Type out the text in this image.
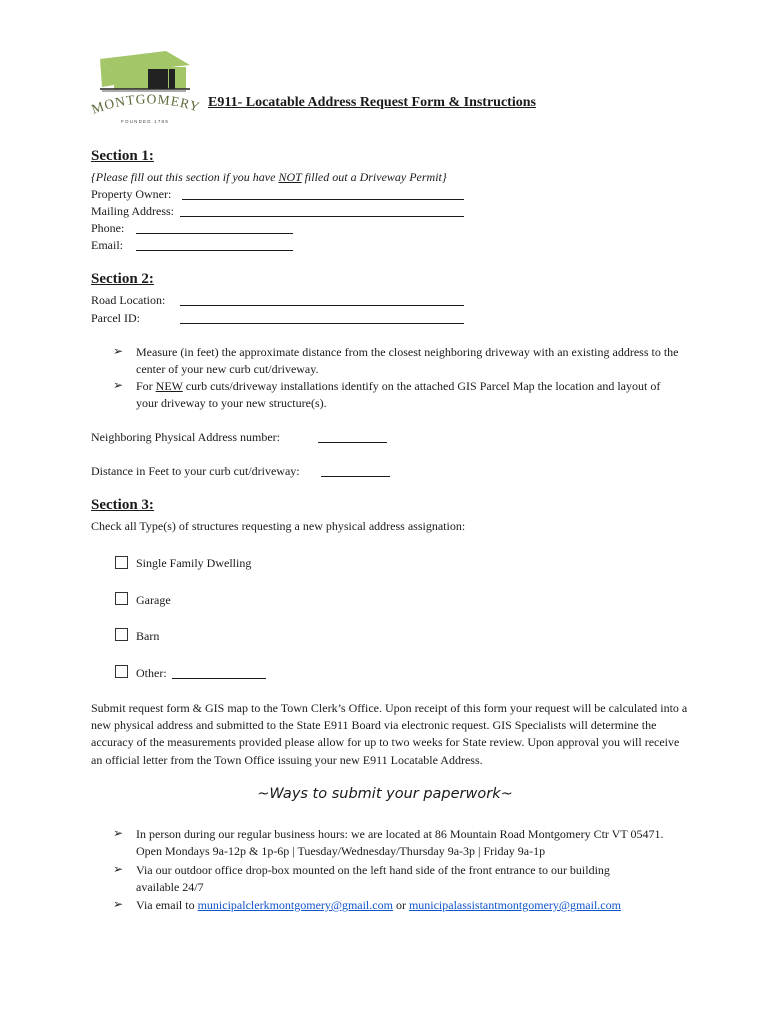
MONTGOMER
FOUNDED 1789
E911- Locatable Address Request Form & Instructions
Section 1:
{Please fill out this section if you have NOT filled out a Driveway Permit}
Property Owner:
Mailing Address:
Phone:
Email:
Section 2:
Road Location:
Parcel ID:
➢ Measure (in feet) the approximate distance from the closest neighboring driveway with an existing address to the center of your new curb cut/driveway.
➢ For NEW curb cuts/driveway installations identify on the attached GIS Parcel Map the location and layout of your driveway to your new structure(s).
Neighboring Physical Address number:
Distance in Feet to your curb cut/driveway:
Section 3:
Check all Type(s) of structures requesting a new physical address assignation:
Single Family Dwelling
Garage
Barn
Other:
Submit request form & GIS map to the Town Clerk’s Office. Upon receipt of this form your request will be calculated into a new physical address and submitted to the State E911 Board via electronic request. GIS Specialists will determine the accuracy of the measurements provided please allow for up to two weeks for State review. Upon approval you will receive an official letter from the Town Office issuing your new E911 Locatable Address.
~Ways to submit your paperwork~
➢ In person during our regular business hours: we are located at 86 Mountain Road Montgomery Ctr VT 05471. Open Mondays 9a-12p & 1p-6p | Tuesday/Wednesday/Thursday 9a-3p | Friday 9a-1p
➢ Via our outdoor office drop-box mounted on the left hand side of the front entrance to our building available 24/7
➢ Via email to municipalclerkmontgomery@gmail.com or municipalassistantmontgomery@gmail.com
